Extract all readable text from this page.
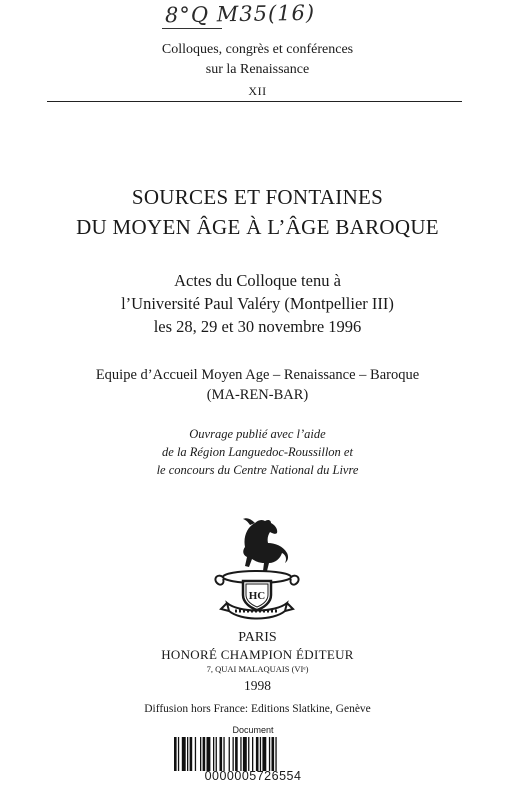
8°Q M35(16)
Colloques, congrès et conférences
sur la Renaissance
XII
SOURCES ET FONTAINES
DU MOYEN ÂGE À L’ÂGE BAROQUE
Actes du Colloque tenu à
l’Université Paul Valéry (Montpellier III)
les 28, 29 et 30 novembre 1996
Equipe d’Accueil Moyen Age – Renaissance – Baroque
(MA-REN-BAR)
Ouvrage publié avec l’aide
de la Région Languedoc-Roussillon et
le concours du Centre National du Livre
HC
PARIS
HONORÉ CHAMPION ÉDITEUR
7, QUAI MALAQUAIS (VIᵉ)
1998
Diffusion hors France: Editions Slatkine, Genève
Document
0000005726554
